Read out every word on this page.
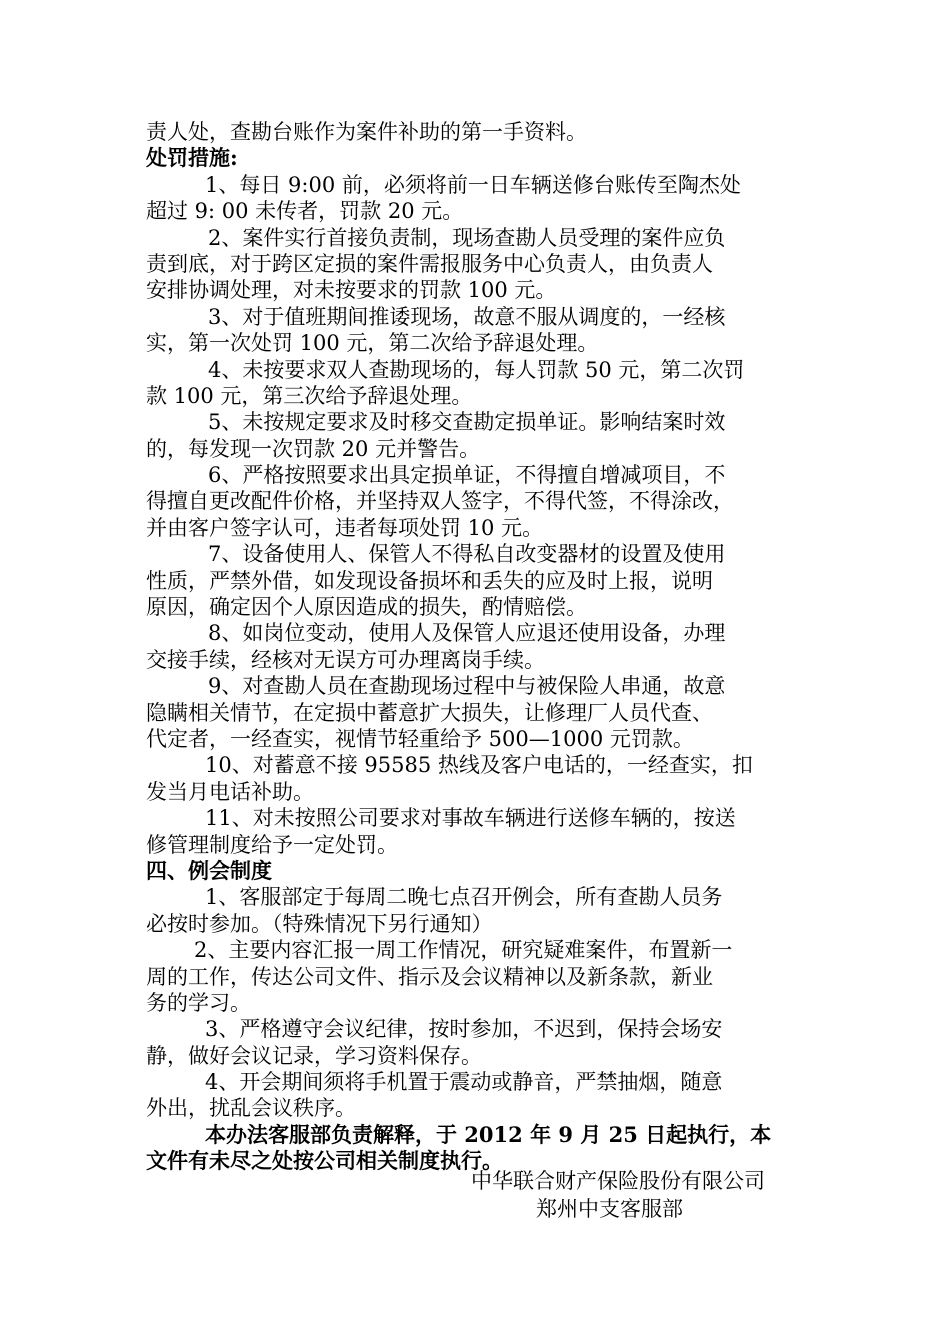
责人处，查勘台账作为案件补助的第一手资料。
处罚措施:
1、每日 9:00 前，必须将前一日车辆送修台账传至陶杰处
超过 9: 00 未传者，罚款 20 元。
2、案件实行首接负责制，现场查勘人员受理的案件应负
责到底，对于跨区定损的案件需报服务中心负责人，由负责人
安排协调处理，对未按要求的罚款 100 元。
3、对于值班期间推诿现场，故意不服从调度的，一经核
实，第一次处罚 100 元，第二次给予辞退处理。
4、未按要求双人查勘现场的，每人罚款 50 元，第二次罚
款 100 元，第三次给予辞退处理。
5、未按规定要求及时移交查勘定损单证。影响结案时效
的，每发现一次罚款 20 元并警告。
6、严格按照要求出具定损单证，不得擅自增减项目，不
得擅自更改配件价格，并坚持双人签字，不得代签，不得涂改，
并由客户签字认可，违者每项处罚 10 元。
7、设备使用人、保管人不得私自改变器材的设置及使用
性质，严禁外借，如发现设备损坏和丢失的应及时上报，说明
原因，确定因个人原因造成的损失，酌情赔偿。
8、如岗位变动，使用人及保管人应退还使用设备，办理
交接手续，经核对无误方可办理离岗手续。
9、对查勘人员在查勘现场过程中与被保险人串通，故意
隐瞒相关情节，在定损中蓄意扩大损失，让修理厂人员代查、
代定者，一经查实，视情节轻重给予 500—1000 元罚款。
10、对蓄意不接 95585 热线及客户电话的，一经查实，扣
发当月电话补助。
11、对未按照公司要求对事故车辆进行送修车辆的，按送
修管理制度给予一定处罚。
四、例会制度
1、客服部定于每周二晚七点召开例会，所有查勘人员务
必按时参加。（特殊情况下另行通知）
2、主要内容汇报一周工作情况，研究疑难案件，布置新一
周的工作，传达公司文件、指示及会议精神以及新条款，新业
务的学习。
3、严格遵守会议纪律，按时参加，不迟到，保持会场安
静，做好会议记录，学习资料保存。
4、开会期间须将手机置于震动或静音，严禁抽烟，随意
外出，扰乱会议秩序。
本办法客服部负责解释，于 2012 年 9 月 25 日起执行，本
文件有未尽之处按公司相关制度执行。
中华联合财产保险股份有限公司
郑州中支客服部
